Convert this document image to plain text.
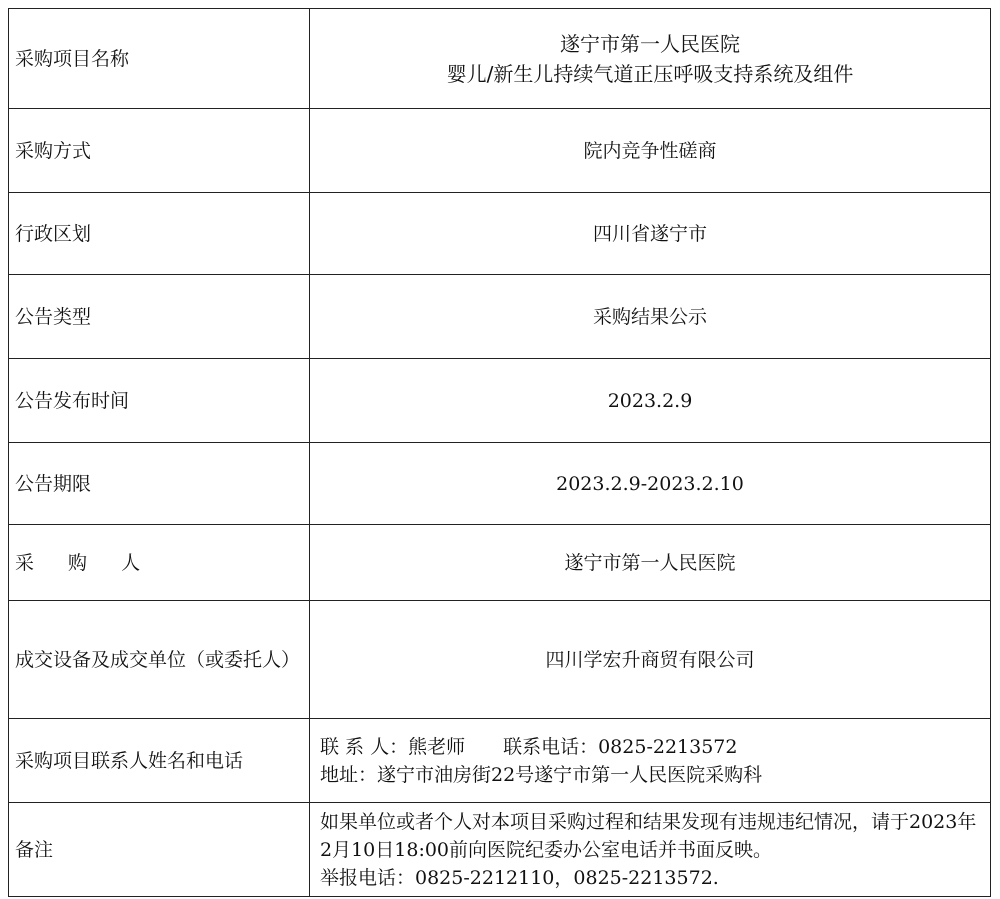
采购项目名称	遂宁市第一人民医院
婴儿/新生儿持续气道正压呼吸支持系统及组件

采购方式	院内竞争性磋商
行政区划	四川省遂宁市
公告类型	采购结果公示
公告发布时间	2023.2.9
公告期限	2023.2.9-2023.2.10
采 购 人	遂宁市第一人民医院
成交设备及成交单位（或委托人）	四川学宏升商贸有限公司
采购项目联系人姓名和电话	联 系 人：熊老师 联系电话：0825-2213572
地址：遂宁市油房街22号遂宁市第一人民医院采购科

备注	如果单位或者个人对本项目采购过程和结果发现有违规违纪情况，请于2023年2月10日18:00前向医院纪委办公室电话并书面反映。
举报电话：0825-2212110，0825-2213572.
